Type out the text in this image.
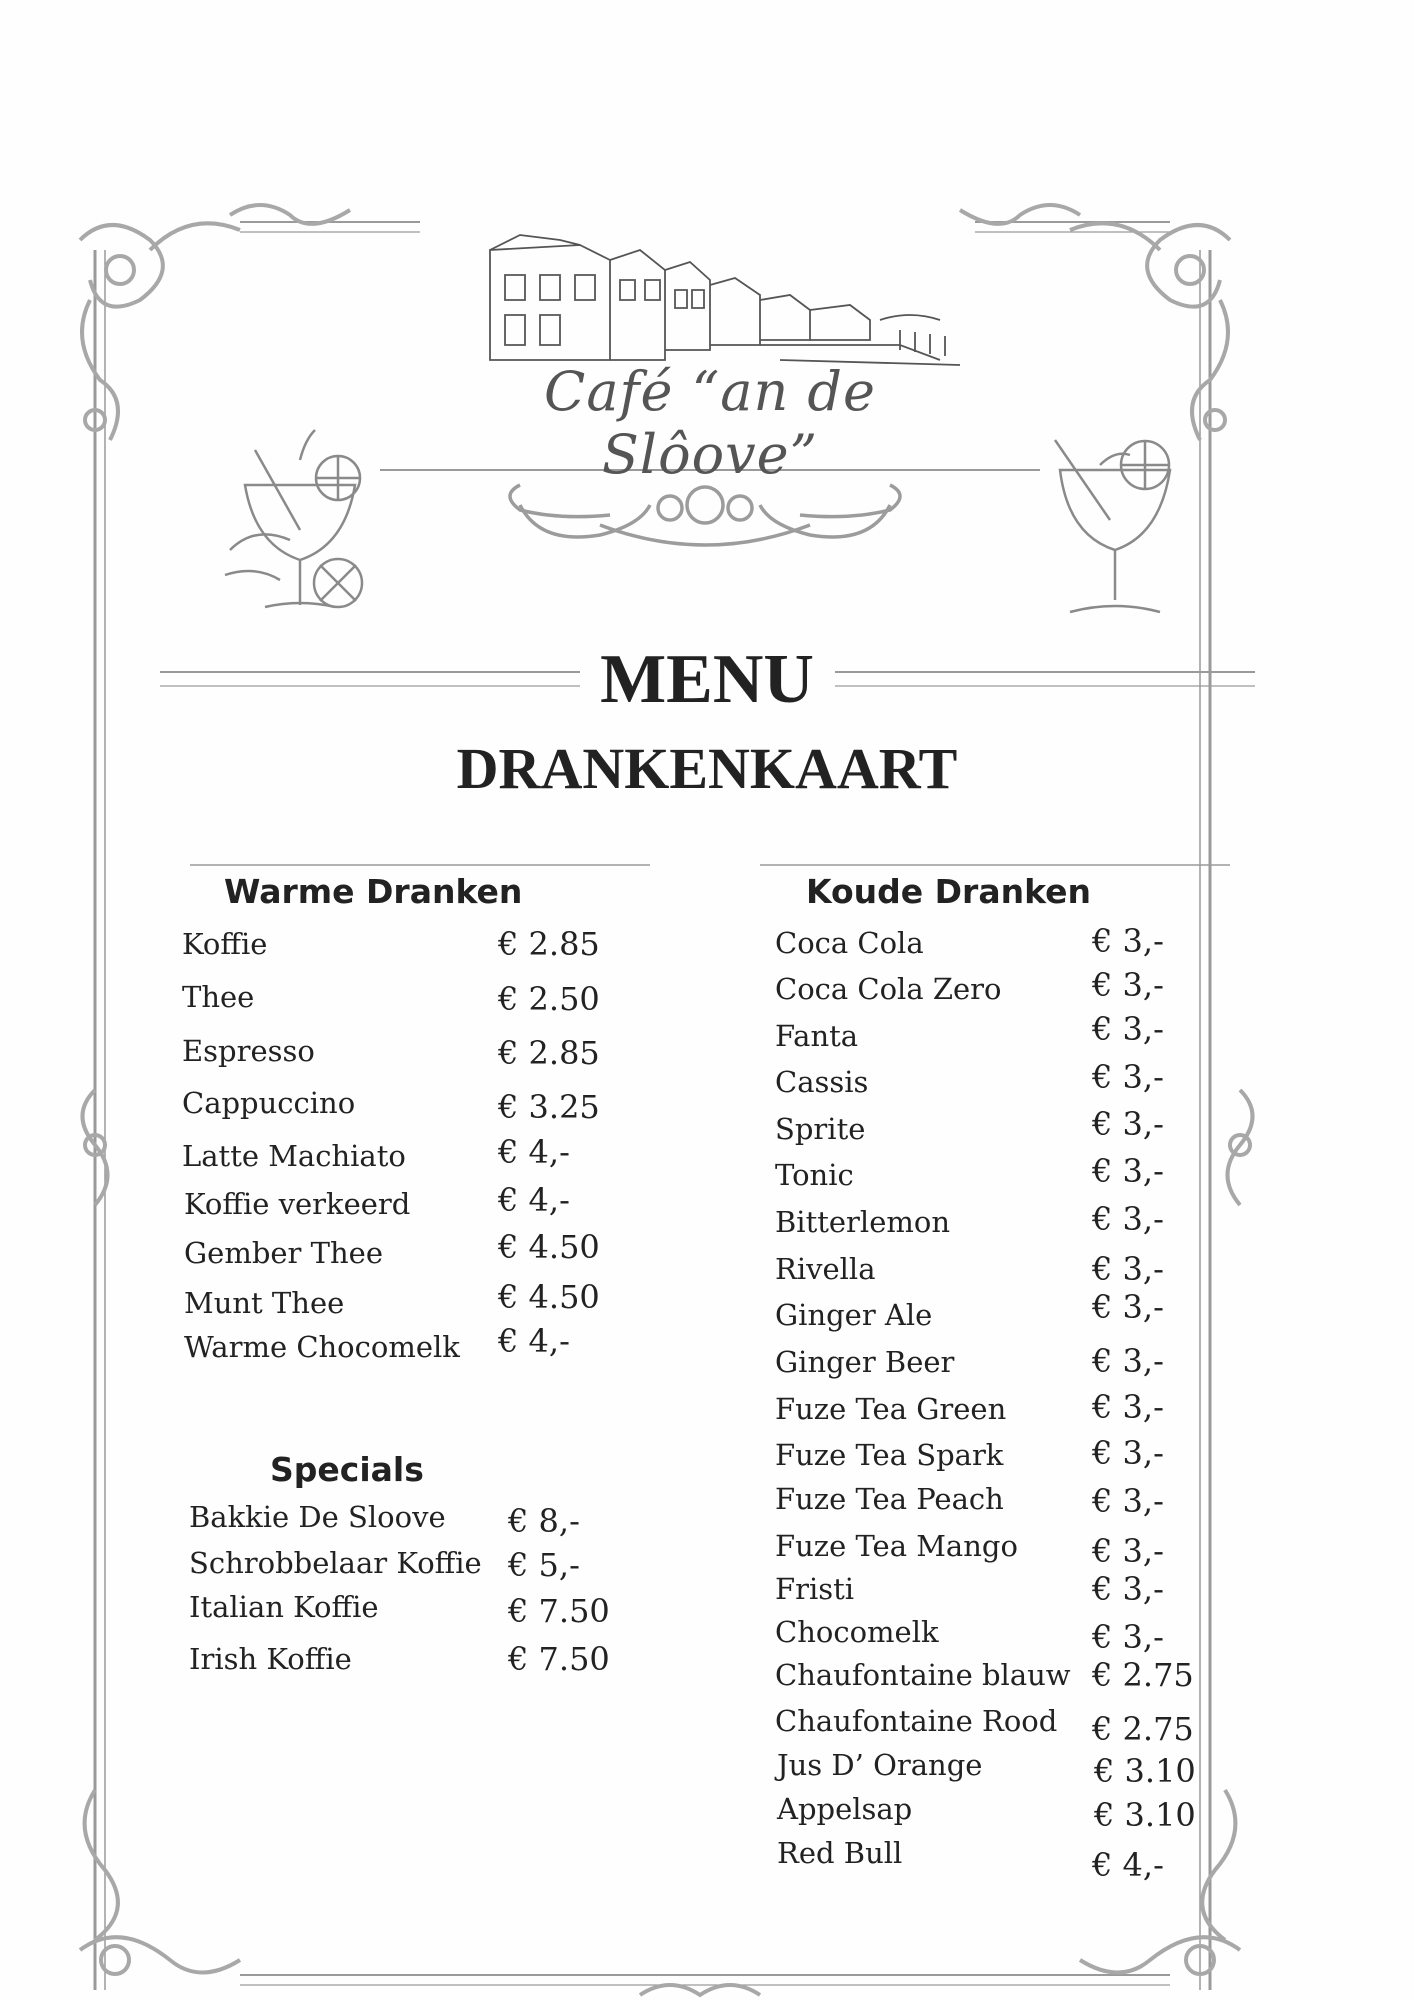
Café “an de Slôove”
MENU
DRANKENKAART
Warme Dranken
Koffie	€ 2.85
Thee	€ 2.50
Espresso	€ 2.85
Cappuccino	€ 3.25
Latte Machiato	€ 4,-
Koffie verkeerd	€ 4,-
Gember Thee	€ 4.50
Munt Thee	€ 4.50
Warme Chocomelk € 4,-
Specials
Bakkie De Sloove € 8,-
Schrobbelaar Koffie € 5,-
Italian Koffie	€ 7.50
Irish Koffie	€ 7.50
Koude Dranken
Coca Cola	€ 3,-
Coca Cola Zero	€ 3,-
Fanta	€ 3,-
Cassis	€ 3,-
Sprite	€ 3,-
Tonic	€ 3,-
Bitterlemon	€ 3,-
Rivella	€ 3,-
Ginger Ale	€ 3,-
Ginger Beer	€ 3,-
Fuze Tea Green	€ 3,-
Fuze Tea Spark	€ 3,-
Fuze Tea Peach	€ 3,-
Fuze Tea Mango € 3,-
Fristi	€ 3,-
Chocomelk	€ 3,-
Chaufontaine blauw € 2.75
Chaufontaine Rood € 2.75
Jus D’ Orange	€ 3.10
Appelsap	€ 3.10
Red Bull	€ 4,-
